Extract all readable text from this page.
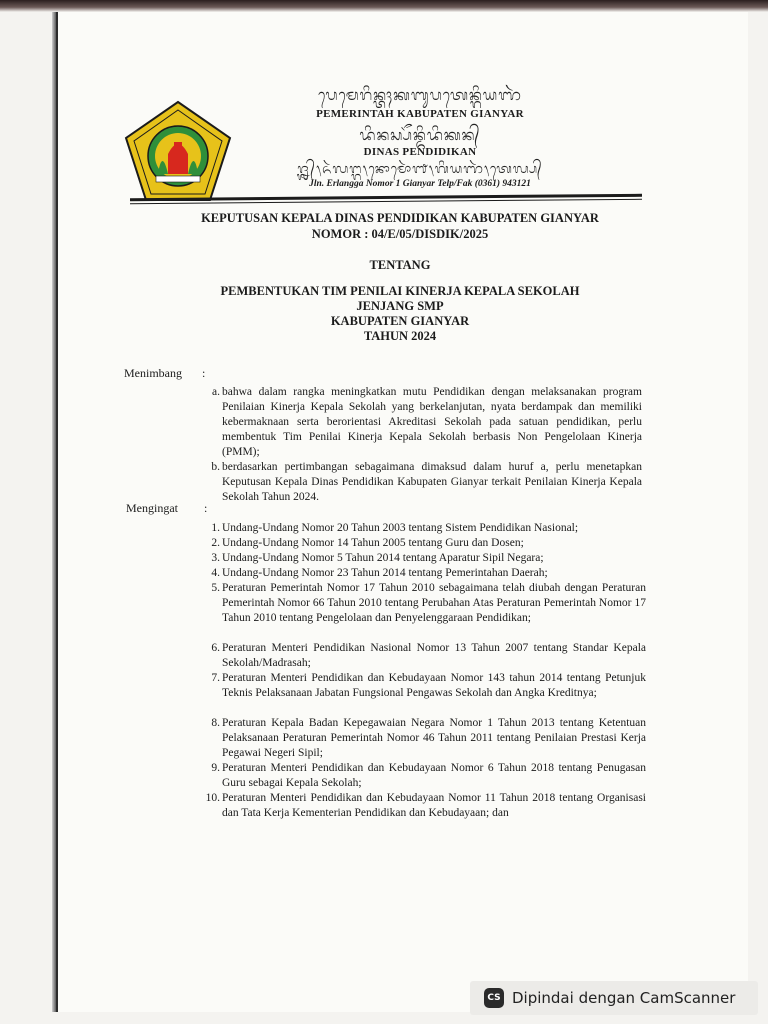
ᬧᬾᬫᬾᬭᬶᬦ᭄ᬢᬄᬓᬩᬸᬧᬢᬾᬦ᭄ᬕᬶᬬᬜᬃ
PEMERINTAH KABUPATEN GIANYAR
ᬤᬶᬦᬲ᭄ᬧᭂᬦ᭄ᬤᬶᬤᬶᬓᬦ᭄
DINAS PENDIDIKAN
ᬚ᭄ᬮ᭄ᬦ᭄᭞ᬏᬃᬮᬗ᭄ᬕ᭞ᬦᭀᬫᭀᬃ᭑᭞ᬕᬶᬬᬜᬃ᭞ᬢᬾᬮ᭄ᬧ᭄
Jln. Erlangga Nomor 1 Gianyar Telp/Fak (0361) 943121
KEPUTUSAN KEPALA DINAS PENDIDIKAN KABUPATEN GIANYAR
NOMOR : 04/E/05/DISDIK/2025
TENTANG
PEMBENTUKAN TIM PENILAI KINERJA KEPALA SEKOLAH
JENJANG SMP
KABUPATEN GIANYAR
TAHUN 2024
Menimbang :
a. bahwa dalam rangka meningkatkan mutu Pendidikan dengan melaksanakan program Penilaian Kinerja Kepala Sekolah yang berkelanjutan, nyata berdampak dan memiliki kebermaknaan serta berorientasi Akreditasi Sekolah pada satuan pendidikan, perlu membentuk Tim Penilai Kinerja Kepala Sekolah berbasis Non Pengelolaan Kinerja (PMM);
b. berdasarkan pertimbangan sebagaimana dimaksud dalam huruf a, perlu menetapkan Keputusan Kepala Dinas Pendidikan Kabupaten Gianyar terkait Penilaian Kinerja Kepala Sekolah Tahun 2024.
Mengingat :
1. Undang-Undang Nomor 20 Tahun 2003 tentang Sistem Pendidikan Nasional;
2. Undang-Undang Nomor 14 Tahun 2005 tentang Guru dan Dosen;
3. Undang-Undang Nomor 5 Tahun 2014 tentang Aparatur Sipil Negara;
4. Undang-Undang Nomor 23 Tahun 2014 tentang Pemerintahan Daerah;
5. Peraturan Pemerintah Nomor 17 Tahun 2010 sebagaimana telah diubah dengan Peraturan Pemerintah Nomor 66 Tahun 2010 tentang Perubahan Atas Peraturan Pemerintah Nomor 17 Tahun 2010 tentang Pengelolaan dan Penyelenggaraan Pendidikan;
6. Peraturan Menteri Pendidikan Nasional Nomor 13 Tahun 2007 tentang Standar Kepala Sekolah/Madrasah;
7. Peraturan Menteri Pendidikan dan Kebudayaan Nomor 143 tahun 2014 tentang Petunjuk Teknis Pelaksanaan Jabatan Fungsional Pengawas Sekolah dan Angka Kreditnya;
8. Peraturan Kepala Badan Kepegawaian Negara Nomor 1 Tahun 2013 tentang Ketentuan Pelaksanaan Peraturan Pemerintah Nomor 46 Tahun 2011 tentang Penilaian Prestasi Kerja Pegawai Negeri Sipil;
9. Peraturan Menteri Pendidikan dan Kebudayaan Nomor 6 Tahun 2018 tentang Penugasan Guru sebagai Kepala Sekolah;
10. Peraturan Menteri Pendidikan dan Kebudayaan Nomor 11 Tahun 2018 tentang Organisasi dan Tata Kerja Kementerian Pendidikan dan Kebudayaan; dan
CS Dipindai dengan CamScanner
